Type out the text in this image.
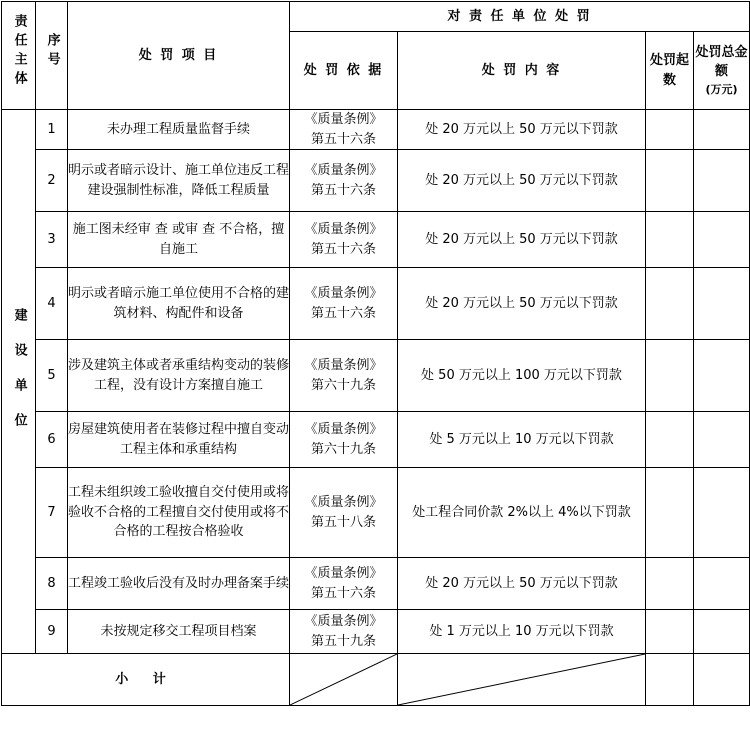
责任主体	序号	处 罚 项 目	对 责 任 单 位 处 罚			
			处 罚 依 据	处 罚 内 容	处罚起数	处罚总金额
(万元)

建设单位	1	未办理工程质量监督手续	《质量条例》
第五十六条	处 20 万元以上 50 万元以下罚款		
	2	明示或者暗示设计、施工单位违反工程建设强制性标准，降低工程质量	《质量条例》
第五十六条	处 20 万元以上 50 万元以下罚款		
	3	施工图未经审 查 或审 查 不合格，擅自施工	《质量条例》
第五十六条	处 20 万元以上 50 万元以下罚款		
	4	明示或者暗示施工单位使用不合格的建筑材料、构配件和设备	《质量条例》
第五十六条	处 20 万元以上 50 万元以下罚款		
	5	涉及建筑主体或者承重结构变动的装修工程，没有设计方案擅自施工	《质量条例》
第六十九条	处 50 万元以上 100 万元以下罚款		
	6	房屋建筑使用者在装修过程中擅自变动工程主体和承重结构	《质量条例》
第六十九条	处 5 万元以上 10 万元以下罚款		
	7	工程未组织竣工验收擅自交付使用或将验收不合格的工程擅自交付使用或将不合格的工程按合格验收	《质量条例》
第五十八条	处工程合同价款 2%以上 4%以下罚款		
	8	工程竣工验收后没有及时办理备案手续	《质量条例》
第五十六条	处 20 万元以上 50 万元以下罚款		
	9	未按规定移交工程项目档案	《质量条例》
第五十九条	处 1 万元以上 10 万元以下罚款		
小 计	
